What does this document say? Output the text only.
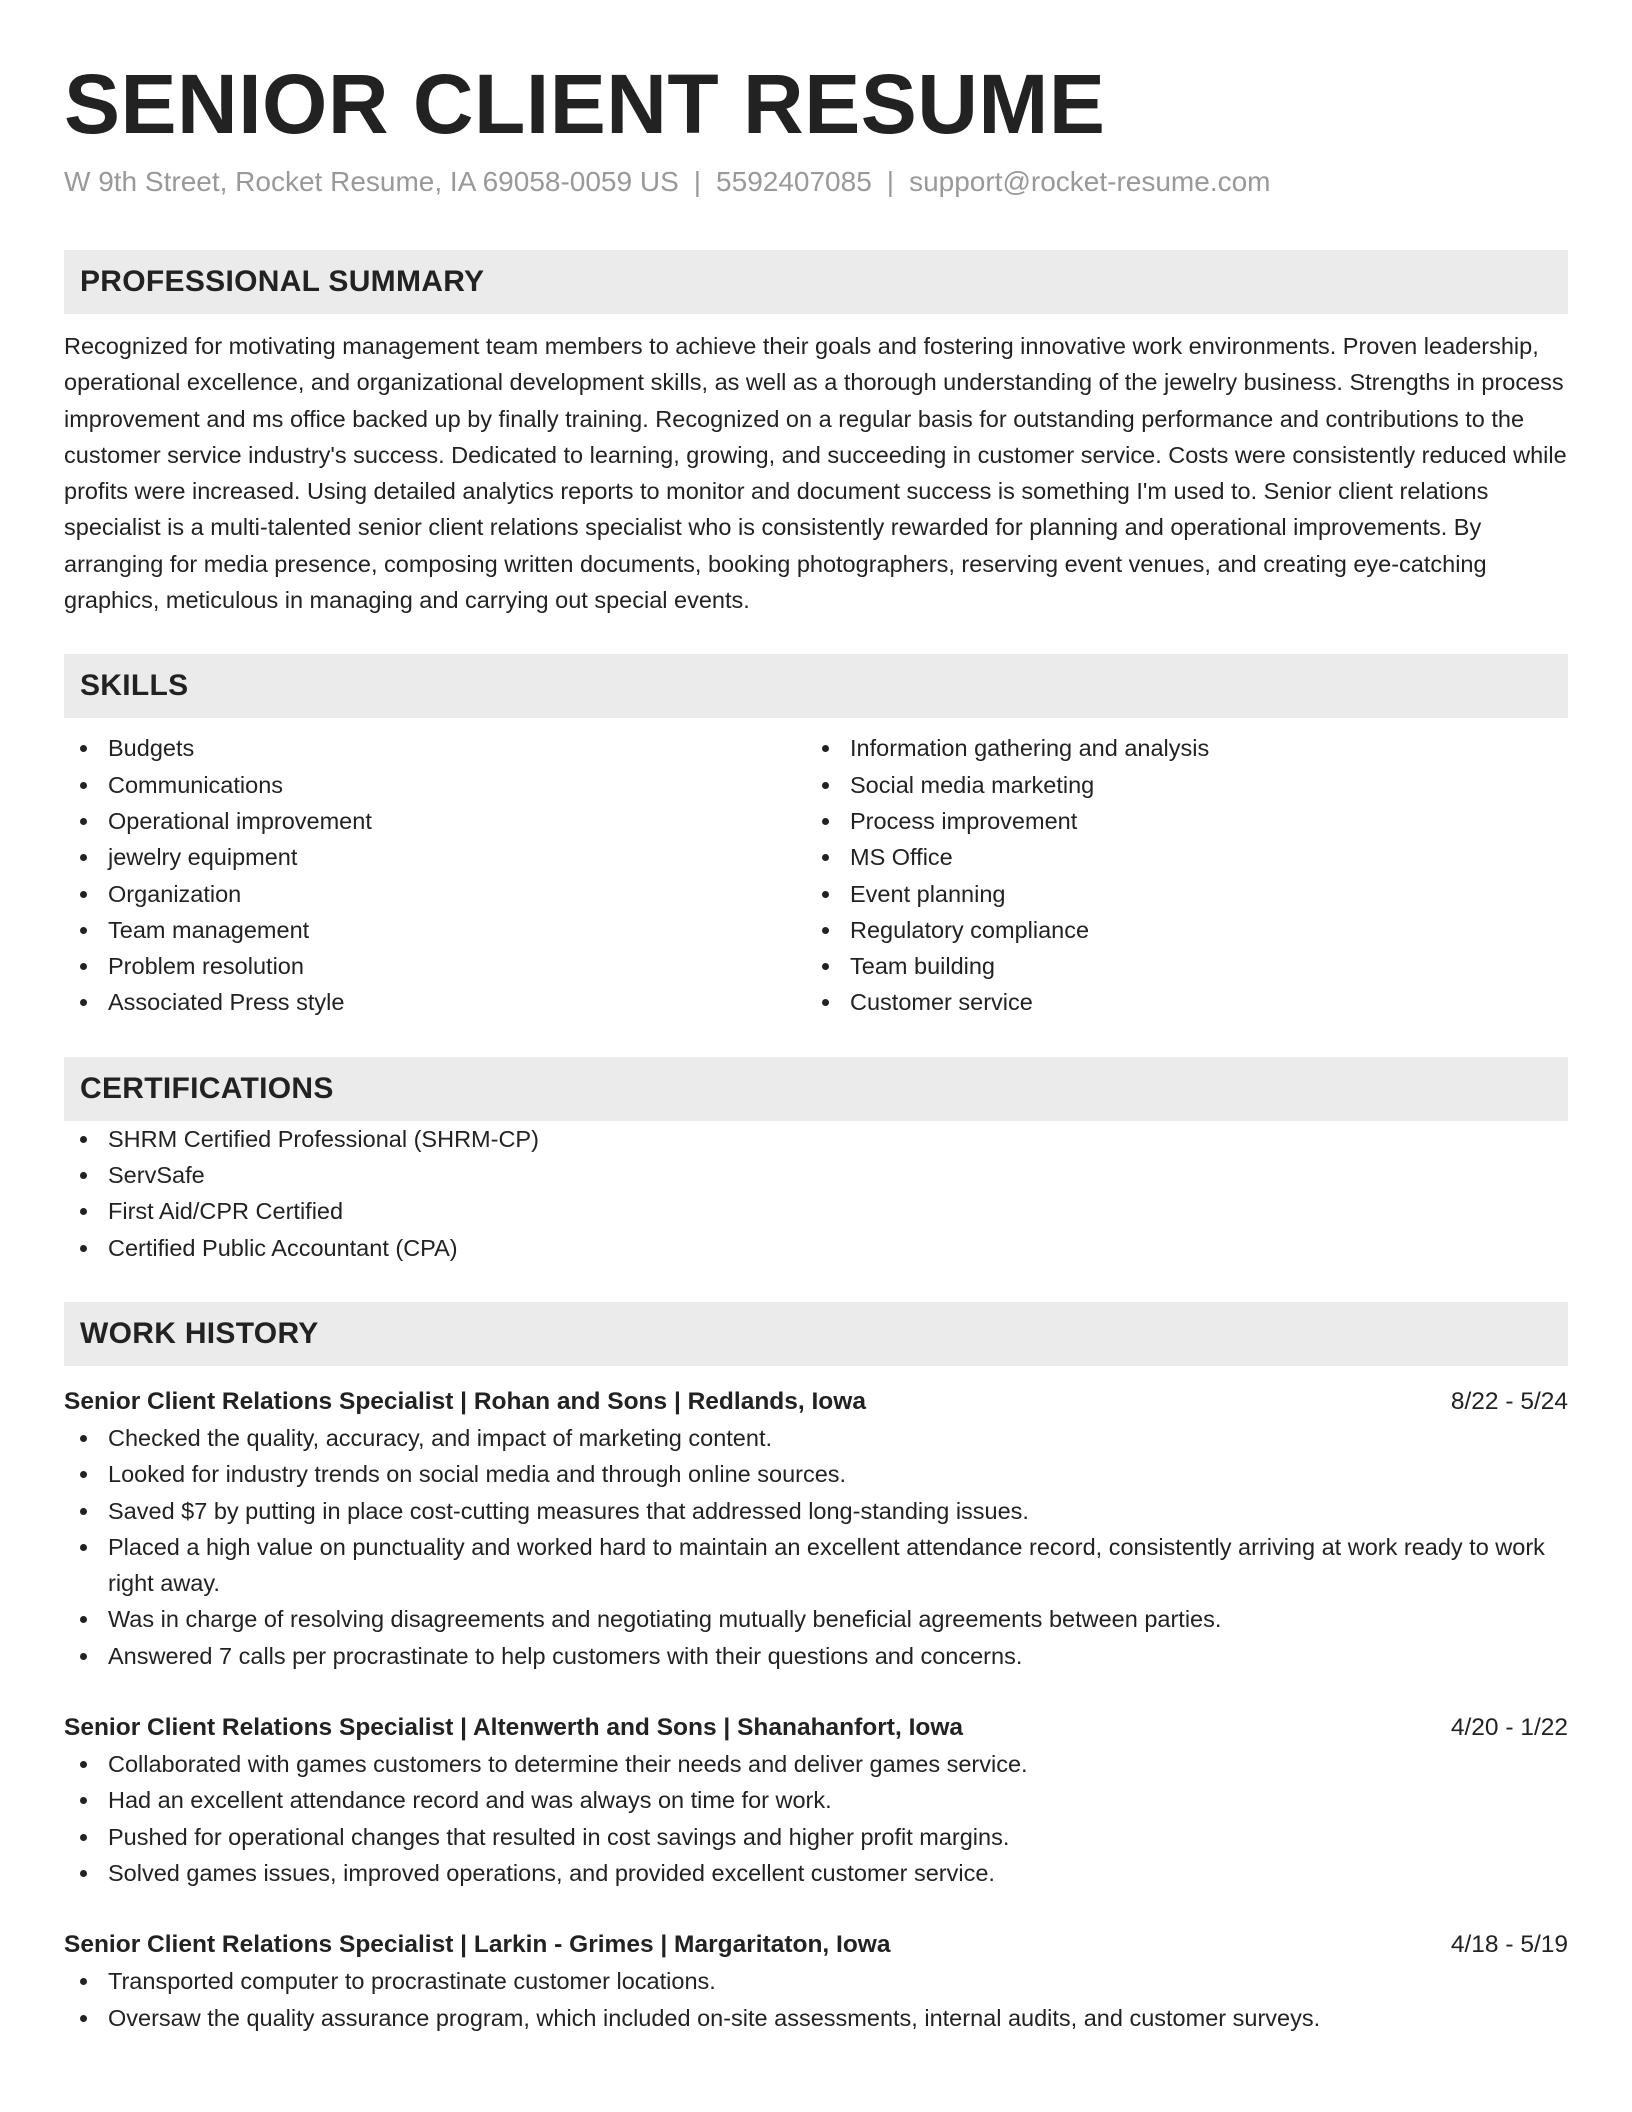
SENIOR CLIENT RESUME
W 9th Street, Rocket Resume, IA 69058-0059 US | 5592407085 | support@rocket-resume.com
PROFESSIONAL SUMMARY

Recognized for motivating management team members to achieve their goals and fostering innovative work environments. Proven leadership, operational excellence, and organizational development skills, as well as a thorough understanding of the jewelry business. Strengths in process improvement and ms office backed up by finally training. Recognized on a regular basis for outstanding performance and contributions to the customer service industry's success. Dedicated to learning, growing, and succeeding in customer service. Costs were consistently reduced while profits were increased. Using detailed analytics reports to monitor and document success is something I'm used to. Senior client relations specialist is a multi-talented senior client relations specialist who is consistently rewarded for planning and operational improvements. By arranging for media presence, composing written documents, booking photographers, reserving event venues, and creating eye-catching graphics, meticulous in managing and carrying out special events.

SKILLS
Budgets
Communications
Operational improvement
jewelry equipment
Organization
Team management
Problem resolution
Associated Press style
Information gathering and analysis
Social media marketing
Process improvement
MS Office
Event planning
Regulatory compliance
Team building
Customer service
CERTIFICATIONS
SHRM Certified Professional (SHRM-CP)
ServSafe
First Aid/CPR Certified
Certified Public Accountant (CPA)
WORK HISTORY
Senior Client Relations Specialist | Rohan and Sons | Redlands, Iowa	8/22 - 5/24
Checked the quality, accuracy, and impact of marketing content.
Looked for industry trends on social media and through online sources.
Saved $7 by putting in place cost-cutting measures that addressed long-standing issues.
Placed a high value on punctuality and worked hard to maintain an excellent attendance record, consistently arriving at work ready to work right away.
Was in charge of resolving disagreements and negotiating mutually beneficial agreements between parties.
Answered 7 calls per procrastinate to help customers with their questions and concerns.
Senior Client Relations Specialist | Altenwerth and Sons | Shanahanfort, Iowa	4/20 - 1/22
Collaborated with games customers to determine their needs and deliver games service.
Had an excellent attendance record and was always on time for work.
Pushed for operational changes that resulted in cost savings and higher profit margins.
Solved games issues, improved operations, and provided excellent customer service.
Senior Client Relations Specialist | Larkin - Grimes | Margaritaton, Iowa	4/18 - 5/19
Transported computer to procrastinate customer locations.
Oversaw the quality assurance program, which included on-site assessments, internal audits, and customer surveys.
